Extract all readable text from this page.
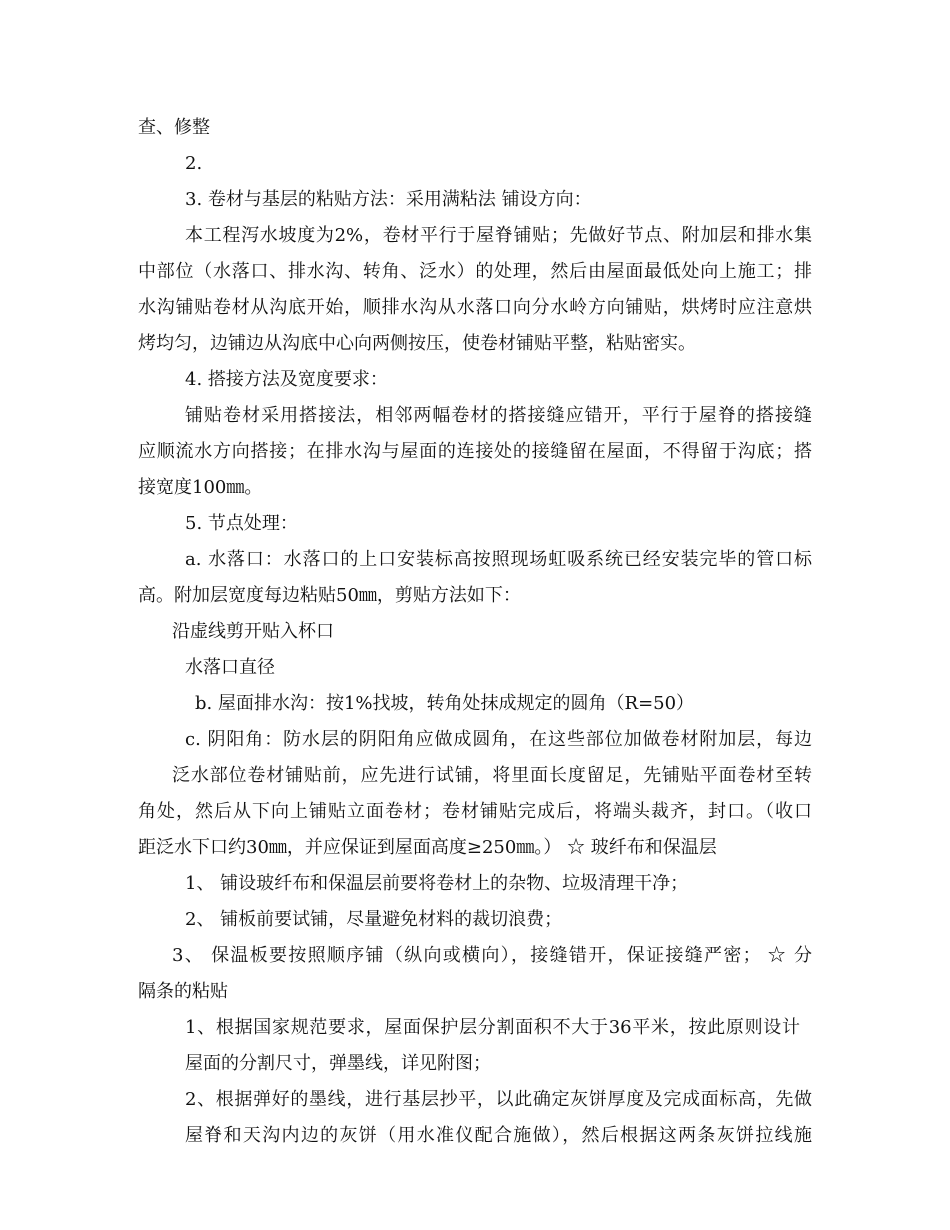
查、修整
2.
3. 卷材与基层的粘贴方法：采用满粘法 铺设方向：
本工程泻水坡度为2%，卷材平行于屋脊铺贴；先做好节点、附加层和排水集
中部位（水落口、排水沟、转角、泛水）的处理，然后由屋面最低处向上施工；排
水沟铺贴卷材从沟底开始，顺排水沟从水落口向分水岭方向铺贴，烘烤时应注意烘
烤均匀，边铺边从沟底中心向两侧按压，使卷材铺贴平整，粘贴密实。
4. 搭接方法及宽度要求：
铺贴卷材采用搭接法，相邻两幅卷材的搭接缝应错开，平行于屋脊的搭接缝
应顺流水方向搭接；在排水沟与屋面的连接处的接缝留在屋面，不得留于沟底；搭
接宽度100㎜。
5. 节点处理：
a. 水落口：水落口的上口安装标高按照现场虹吸系统已经安装完毕的管口标
高。附加层宽度每边粘贴50㎜，剪贴方法如下：
沿虚线剪开贴入杯口
水落口直径
b. 屋面排水沟：按1%找坡，转角处抹成规定的圆角（R=50）
c. 阴阳角：防水层的阴阳角应做成圆角，在这些部位加做卷材附加层，每边
泛水部位卷材铺贴前，应先进行试铺，将里面长度留足，先铺贴平面卷材至转
角处，然后从下向上铺贴立面卷材；卷材铺贴完成后，将端头裁齐，封口。（收口
距泛水下口约30㎜，并应保证到屋面高度≥250㎜。） ☆ 玻纤布和保温层
1、 铺设玻纤布和保温层前要将卷材上的杂物、垃圾清理干净；
2、 铺板前要试铺，尽量避免材料的裁切浪费；
3、 保温板要按照顺序铺（纵向或横向），接缝错开，保证接缝严密； ☆ 分
隔条的粘贴
1、根据国家规范要求，屋面保护层分割面积不大于36平米，按此原则设计
屋面的分割尺寸，弹墨线，详见附图；
2、根据弹好的墨线，进行基层抄平，以此确定灰饼厚度及完成面标高，先做
屋脊和天沟内边的灰饼（用水准仪配合施做），然后根据这两条灰饼拉线施
